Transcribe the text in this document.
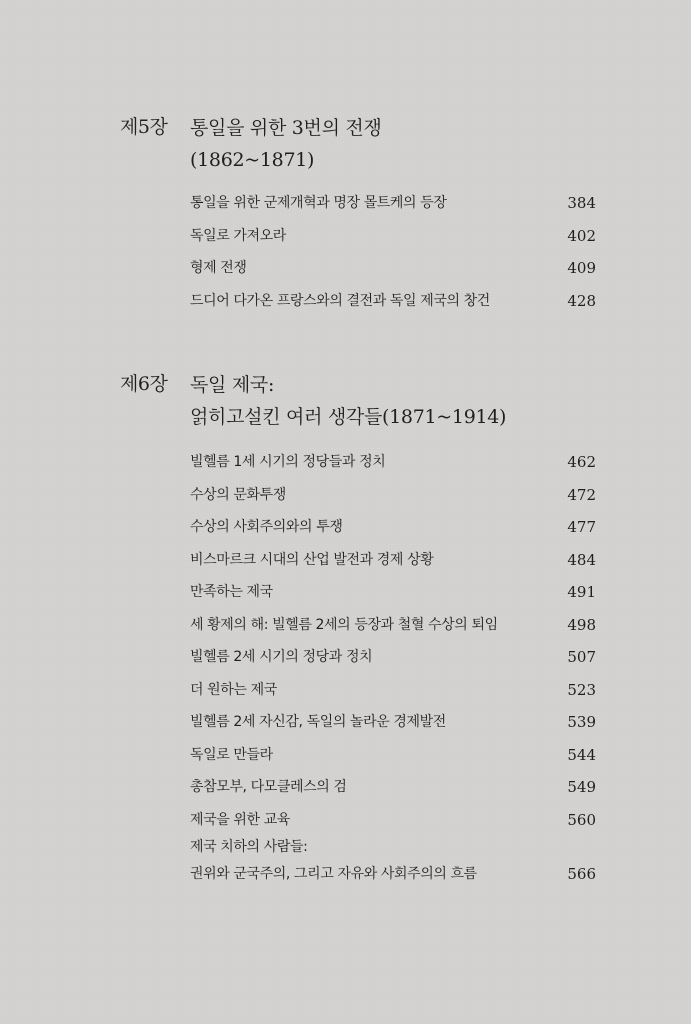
제5장 통일을 위한 3번의 전쟁
(1862~1871)
통일을 위한 군제개혁과 명장 몰트케의 등장	384
독일로 가져오라	402
형제 전쟁	409
드디어 다가온 프랑스와의 결전과 독일 제국의 창건	428
제6장 독일 제국:
얽히고설킨 여러 생각들(1871~1914)
빌헬름 1세 시기의 정당들과 정치	462
수상의 문화투쟁	472
수상의 사회주의와의 투쟁	477
비스마르크 시대의 산업 발전과 경제 상황	484
만족하는 제국	491
세 황제의 해: 빌헬름 2세의 등장과 철혈 수상의 퇴임	498
빌헬름 2세 시기의 정당과 정치	507
더 원하는 제국	523
빌헬름 2세 자신감, 독일의 놀라운 경제발전	539
독일로 만들라	544
총참모부, 다모클레스의 검	549
제국을 위한 교육	560
제국 치하의 사람들:
권위와 군국주의, 그리고 자유와 사회주의의 흐름	566
